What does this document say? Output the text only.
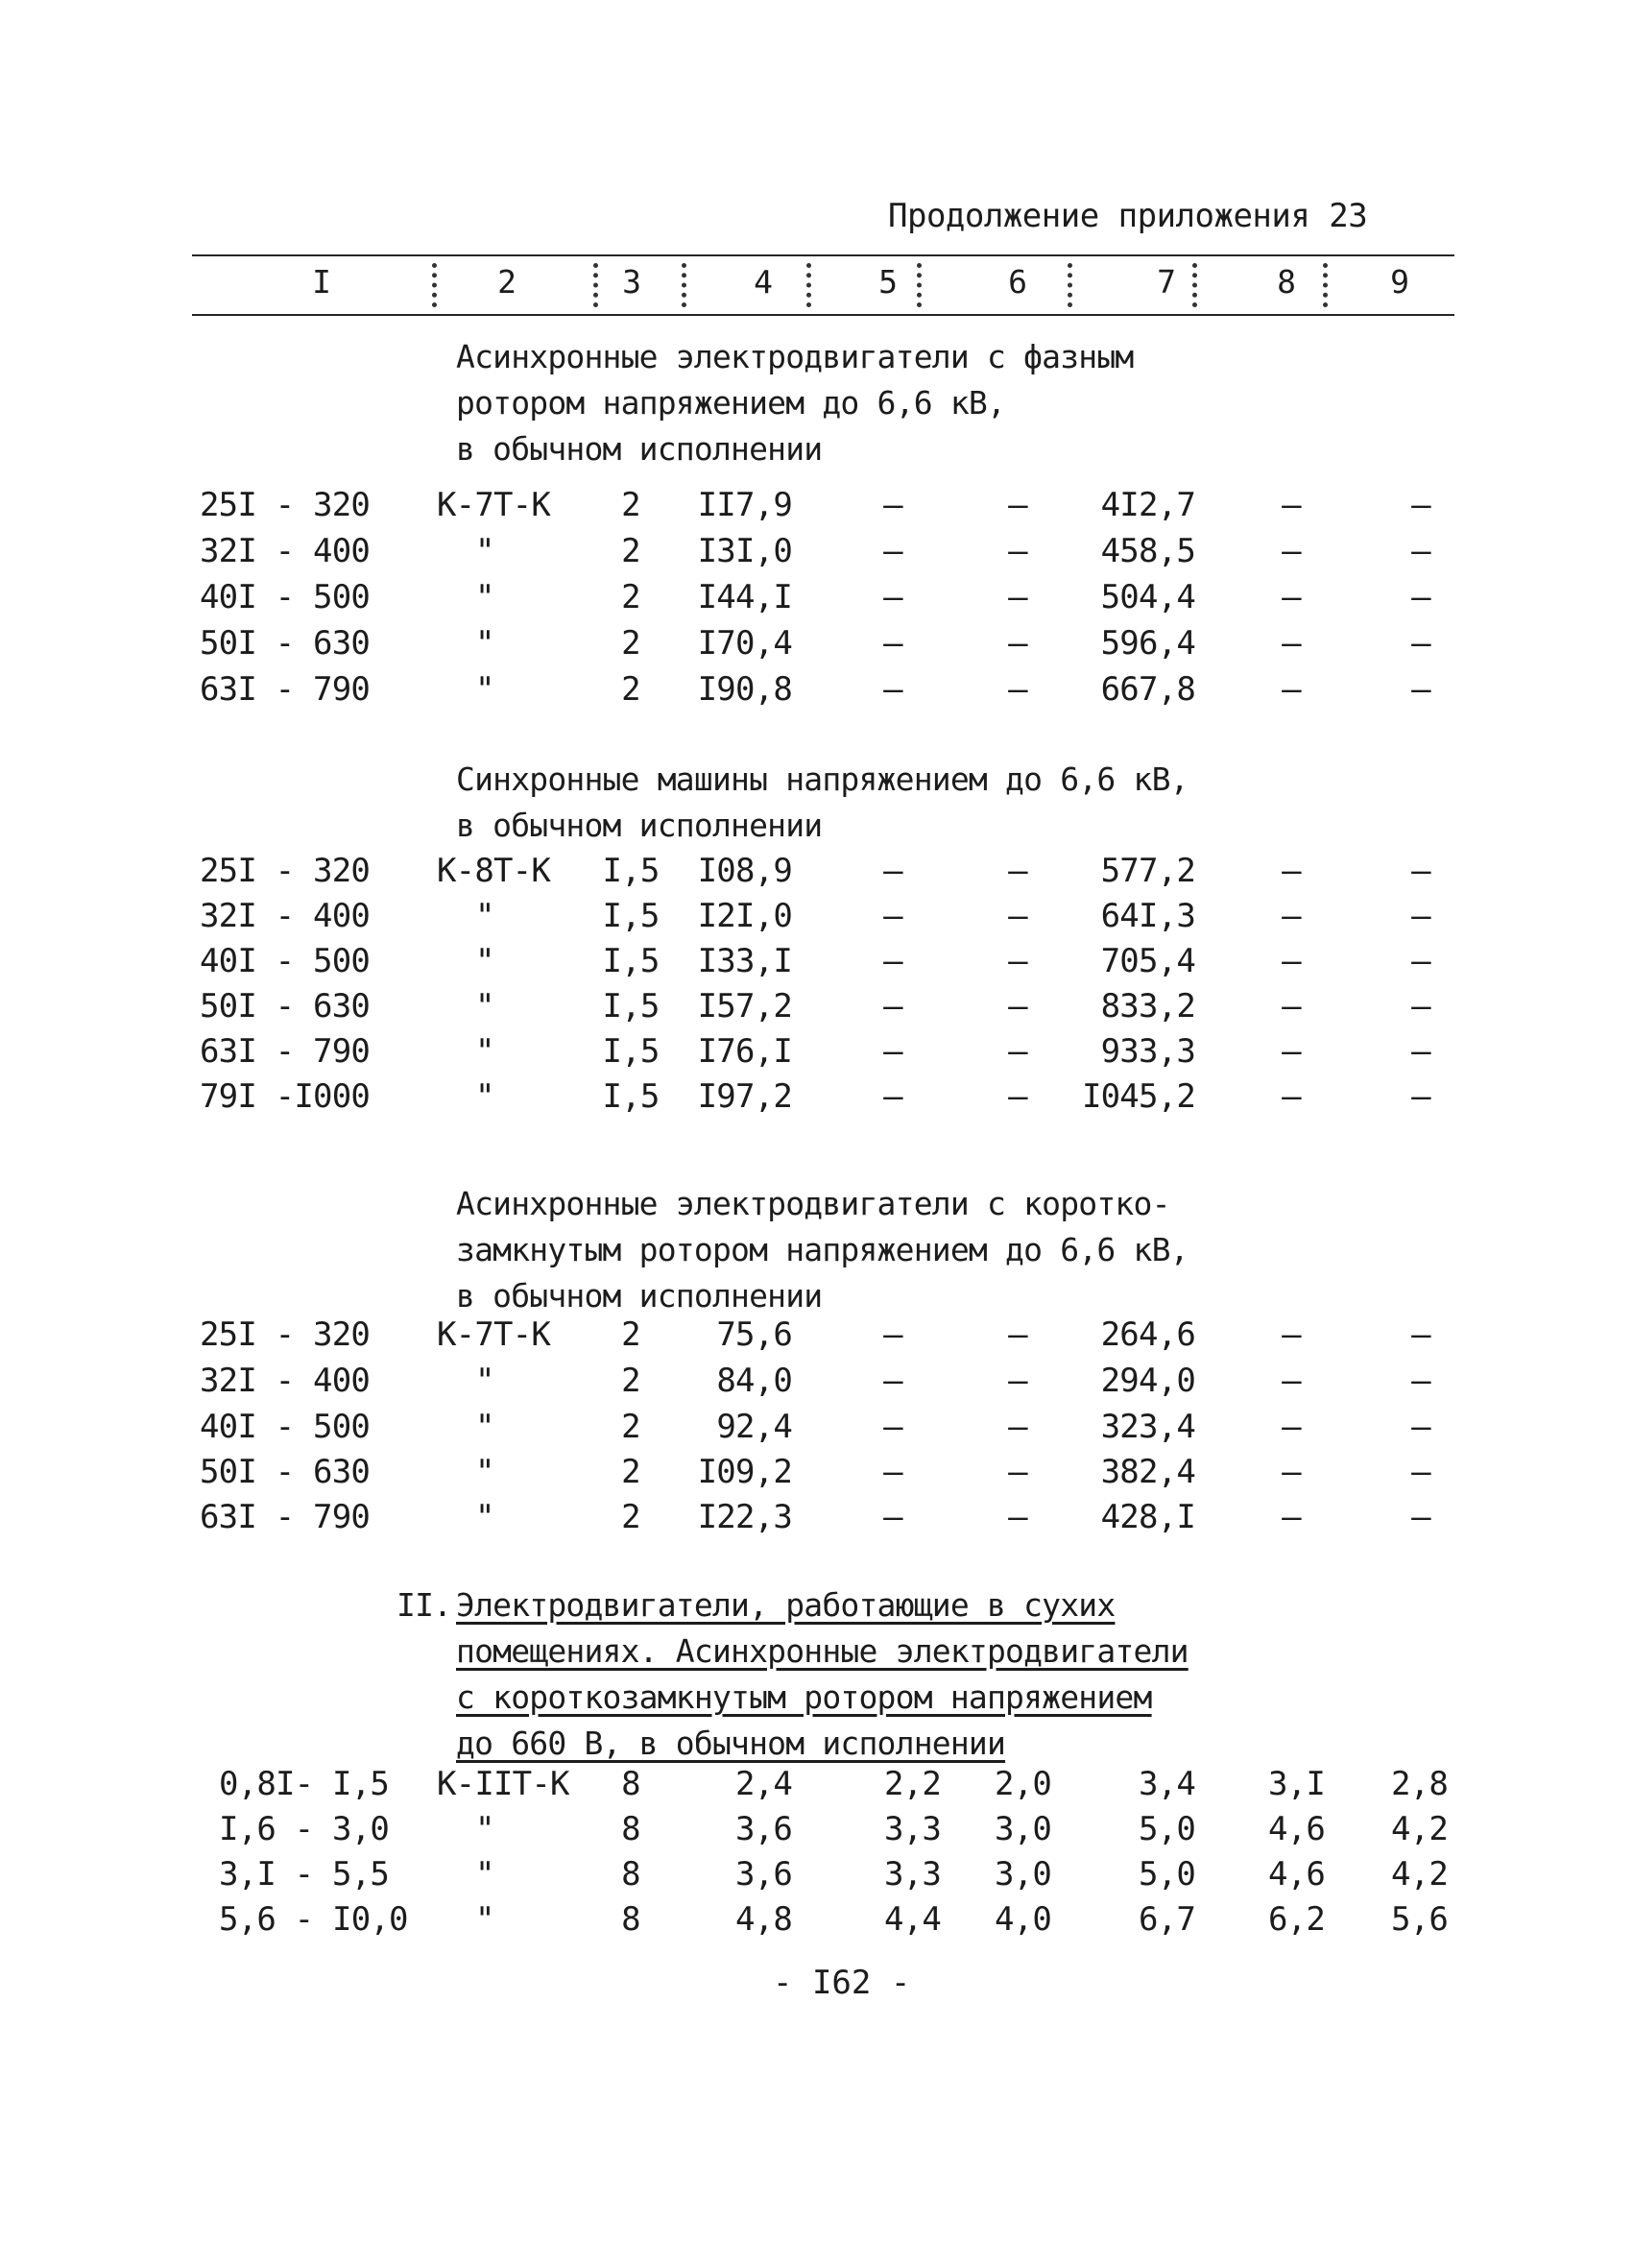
Продолжение приложения 23
I	2	3	4	5	6	7	8	9
Асинхронные электродвигатели с фазным
ротором напряжением до 6,6 кВ,
в обычном исполнении
25I - 320 К-7Т-К	2	II7,9	–	–	4I2,7	–	–
32I - 400	"	2	I3I,0	–	–	458,5	–	–
40I - 500	"	2	I44,I	–	–	504,4	–	–
50I - 630	"	2	I70,4	–	–	596,4	–	–
63I - 790	"	2	I90,8	–	–	667,8	–	–
Синхронные машины напряжением до 6,6 кВ,
в обычном исполнении
25I - 320 К-8Т-К	I,5	I08,9	–	–	577,2	–	–
32I - 400	"	I,5	I2I,0	–	–	64I,3	–	–
40I - 500	"	I,5	I33,I	–	–	705,4	–	–
50I - 630	"	I,5	I57,2	–	–	833,2	–	–
63I - 790	"	I,5	I76,I	–	–	933,3	–	–
79I -I000	"	I,5	I97,2	–	–	I045,2	–	–
Асинхронные электродвигатели с коротко-
замкнутым ротором напряжением до 6,6 кВ,
в обычном исполнении
25I - 320 К-7Т-К	2	75,6	–	–	264,6	–	–
32I - 400	"	2	84,0	–	–	294,0	–	–
40I - 500	"	2	92,4	–	–	323,4	–	–
50I - 630	"	2	I09,2	–	–	382,4	–	–
63I - 790	"	2	I22,3	–	–	428,I	–	–
II. Электродвигатели, работающие в сухих
помещениях. Асинхронные электродвигатели
с короткозамкнутым ротором напряжением
до 660 В, в обычном исполнении
0,8I- I,5 К-IIТ-К	8	2,4	2,2	2,0	3,4	3,I	2,8
I,6 - 3,0	"	8	3,6	3,3	3,0	5,0	4,6	4,2
3,I - 5,5	"	8	3,6	3,3	3,0	5,0	4,6	4,2
5,6 - I0,0	"	8	4,8	4,4	4,0	6,7	6,2	5,6
- I62 -
